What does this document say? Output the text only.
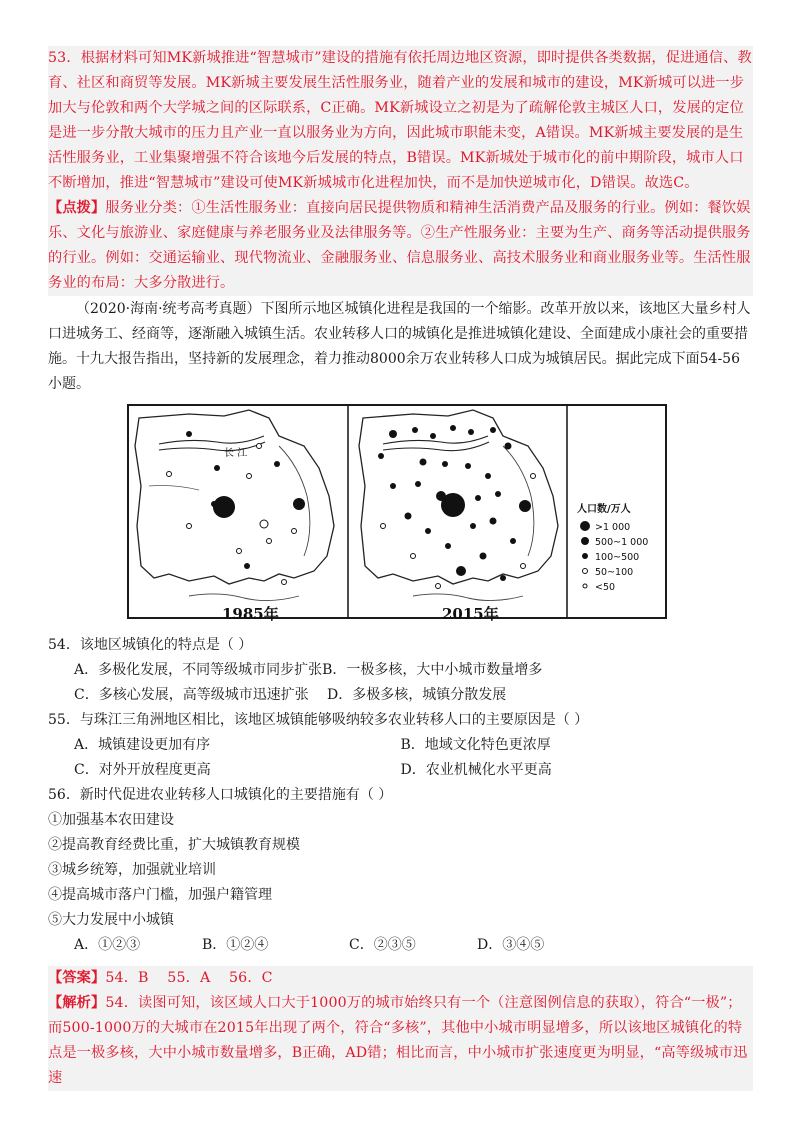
53．根据材料可知MK新城推进“智慧城市”建设的措施有依托周边地区资源，即时提供各类数据，促进通信、教育、社区和商贸等发展。MK新城主要发展生活性服务业，随着产业的发展和城市的建设，MK新城可以进一步加大与伦敦和两个大学城之间的区际联系，C正确。MK新城设立之初是为了疏解伦敦主城区人口，发展的定位是进一步分散大城市的压力且产业一直以服务业为方向，因此城市职能未变，A错误。MK新城主要发展的是生活性服务业，工业集聚增强不符合该地今后发展的特点，B错误。MK新城处于城市化的前中期阶段，城市人口不断增加，推进“智慧城市”建设可使MK新城城市化进程加快，而不是加快逆城市化，D错误。故选C。

【点拨】服务业分类：①生活性服务业：直接向居民提供物质和精神生活消费产品及服务的行业。例如：餐饮娱乐、文化与旅游业、家庭健康与养老服务业及法律服务等。②生产性服务业：主要为生产、商务等活动提供服务的行业。例如：交通运输业、现代物流业、金融服务业、信息服务业、高技术服务业和商业服务业等。生活性服务业的布局：大多分散进行。

（2020·海南·统考高考真题）下图所示地区城镇化进程是我国的一个缩影。改革开放以来，该地区大量乡村人口进城务工、经商等，逐渐融入城镇生活。农业转移人口的城镇化是推进城镇化建设、全面建成小康社会的重要措施。十九大报告指出，坚持新的发展理念，着力推动8000余万农业转移人口成为城镇居民。据此完成下面54-56小题。

长 江
人口数/万人
>1 000
500~1 000
100~500
50~100
<50
1985年	2015年

54．该地区城镇化的特点是（ ）

A．多极化发展，不同等级城市同步扩张 B．一极多核，大中小城市数量增多
C．多核心发展，高等级城市迅速扩张	D．多极多核，城镇分散发展

55．与珠江三角洲地区相比，该地区城镇能够吸纳较多农业转移人口的主要原因是（ ）

A．城镇建设更加有序	B．地域文化特色更浓厚
C．对外开放程度更高	D．农业机械化水平更高

56．新时代促进农业转移人口城镇化的主要措施有（ ）

①加强基本农田建设

②提高教育经费比重，扩大城镇教育规模

③城乡统筹，加强就业培训

④提高城市落户门槛，加强户籍管理

⑤大力发展中小城镇

A．①②③	B．①②④	C．②③⑤	D．③④⑤

【答案】54．B    55．A    56．C

【解析】54．读图可知，该区域人口大于1000万的城市始终只有一个（注意图例信息的获取），符合“一极”；而500-1000万的大城市在2015年出现了两个，符合“多核”，其他中小城市明显增多，所以该地区城镇化的特点是一极多核，大中小城市数量增多，B正确，AD错；相比而言，中小城市扩张速度更为明显，“高等级城市迅速
